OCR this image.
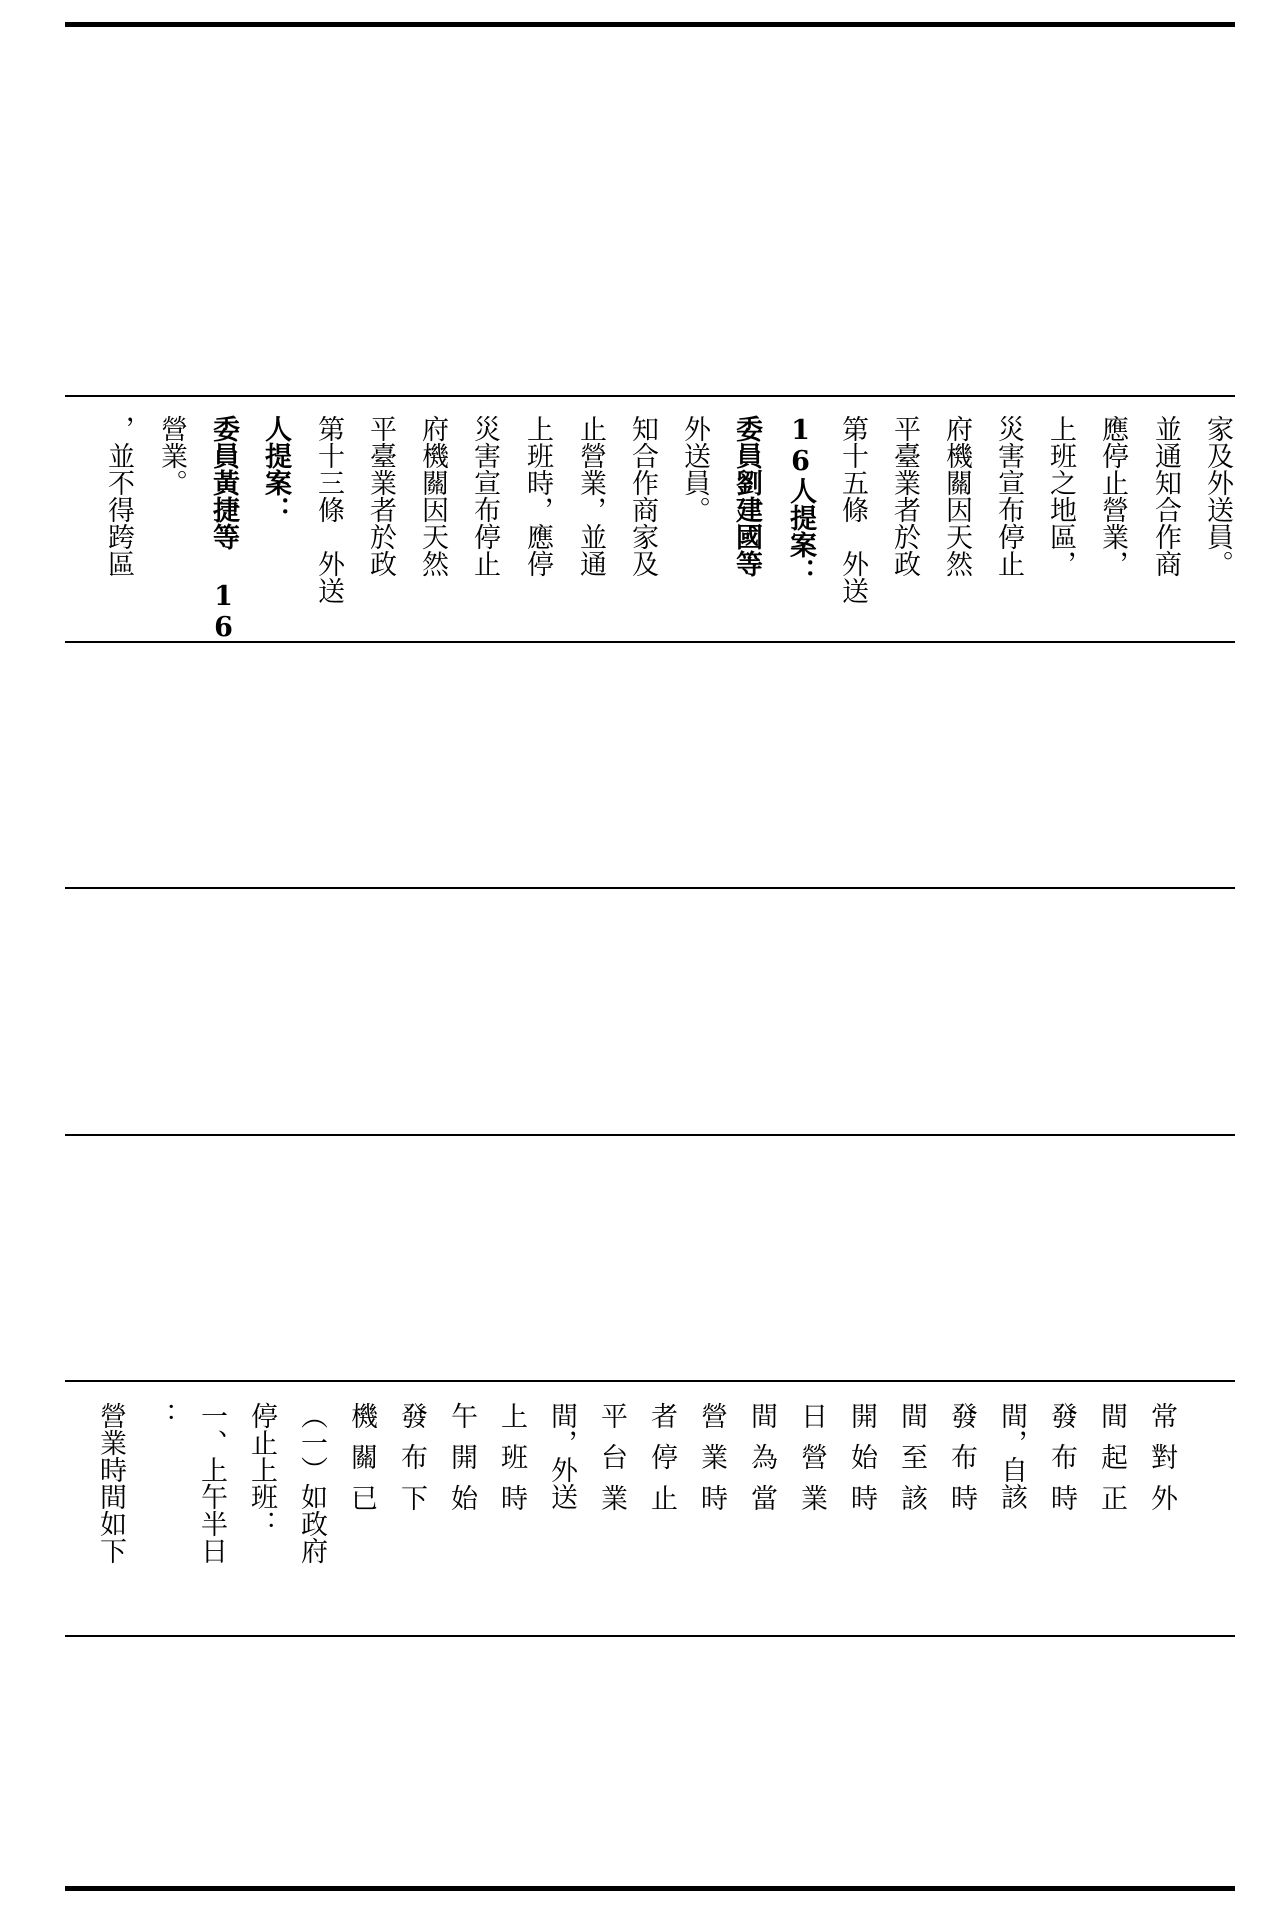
，並不得跨區 營業。 委員黃捷等 16 人提案： 第十三條　外送 平臺業者於政 府機關因天然 災害宣布停止 上班時，應停 止營業，並通 知合作商家及 外送員。 委員劉建國等 16人提案： 第十五條　外送 平臺業者於政 府機關因天然 災害宣布停止 上班之地區， 應停止營業， 並通知合作商 家及外送員。
營業時間如下 ： 一、上午半日 停止上班： （一）如政府 機關已 發布下 午開始 上班時 間，外送 平台業 者停止 營業時 間為當 日營業 開始時 間至該 發布時 間，自該 發布時 間起正 常對外
